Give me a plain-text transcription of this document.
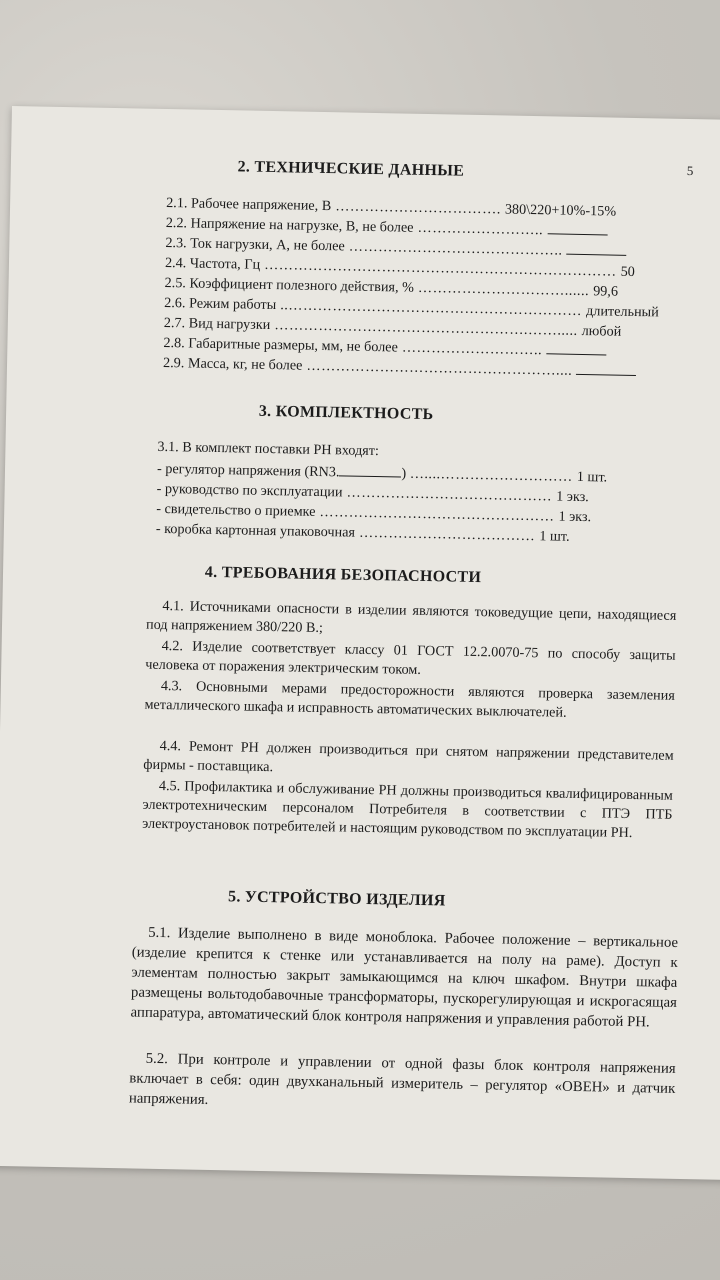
5
2. ТЕХНИЧЕСКИЕ ДАННЫЕ
2.1. Рабочее напряжение, В ……………………………. 380\220+10%-15%
2.2. Напряжение на нагрузке, В, не более ……………………..
2.3. Ток нагрузки, А, не более ……………………………………..
2.4. Частота, Гц ……………………………………………………………… 50
2.5. Коэффициент полезного действия, % …………………………...... 99,6
2.6. Режим работы ..…………………………………………………… длительный
2.7. Вид нагрузки …………………………………………….……..... любой
2.8. Габаритные размеры, мм, не более ………………………..
2.9. Масса, кг, не более ……………………………………………....
3. КОМПЛЕКТНОСТЬ
3.1. В комплект поставки РН входят:
- регулятор напряжения (RN3.	) …....……………………… 1 шт.
- руководство по эксплуатации …………………………………… 1 экз.
- свидетельство о приемке ………………………………………… 1 экз.
- коробка картонная упаковочная ……………………………… 1 шт.
4. ТРЕБОВАНИЯ БЕЗОПАСНОСТИ
4.1. Источниками опасности в изделии являются токоведущие цепи, находящиеся под напряжением 380/220 В.;
4.2. Изделие соответствует классу 01 ГОСТ 12.2.0070-75 по способу защиты человека от поражения электрическим током.
4.3. Основными мерами предосторожности являются проверка заземления металлического шкафа и исправность автоматических выключателей.
4.4. Ремонт РН должен производиться при снятом напряжении представителем фирмы - поставщика.
4.5. Профилактика и обслуживание РН должны производиться квалифицированным электротехническим персоналом Потребителя в соответствии с ПТЭ ПТБ электроустановок потребителей и настоящим руководством по эксплуатации РН.
5. УСТРОЙСТВО ИЗДЕЛИЯ
5.1. Изделие выполнено в виде моноблока. Рабочее положение – вертикальное (изделие крепится к стенке или устанавливается на полу на раме). Доступ к элементам полностью закрыт замыкающимся на ключ шкафом. Внутри шкафа размещены вольтодобавочные трансформаторы, пускорегулирующая и искрогасящая аппаратура, автоматический блок контроля напряжения и управления работой РН.
5.2. При контроле и управлении от одной фазы блок контроля напряжения включает в себя: один двухканальный измеритель – регулятор «ОВЕН» и датчик напряжения.
